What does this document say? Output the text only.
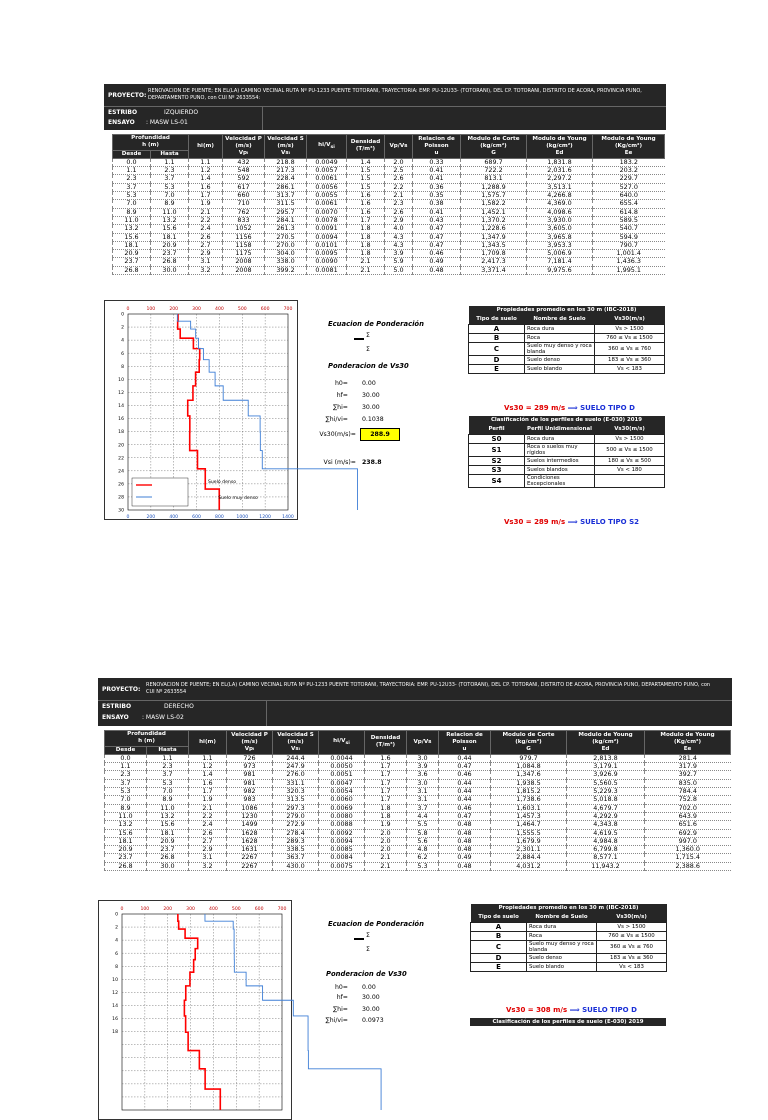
PROYECTO:
RENOVACION DE PUENTE; EN EL(LA) CAMINO VECINAL RUTA Nº PU-1233 PUENTE TOTORANI, TRAYECTORIA: EMP. PU-12U33- (TOTORANI), DEL CP. TOTORANI, DISTRITO DE ACORA, PROVINCIA PUNO, DEPARTAMENTO PUNO, con CUI Nº 2633554:
ESTRIBO	IZQUIERDO
ENSAYO : MASW LS-01
Profundidad
h (m)		hi(m)	Velocidad P
(m/s)
Vpᵢ	Velocidad S
(m/s)
Vsᵢ	$hi/V_{si}$	Densidad
(T/m³)	Vp/Vs	Relacion de
Poisson
u	Modulo de Corte
(kg/cm²)
G	Modulo de Young
(kg/cm²)
Ed	Modulo de Young
(Kg/cm²)
Ee
Desde	Hasta										
0.0	1.1	1.1	432	218.8	0.0049	1.4	2.0	0.33	689.7	1,831.8	183.2
1.1	2.3	1.2	548	217.3	0.0057	1.5	2.5	0.41	722.2	2,031.6	203.2
2.3	3.7	1.4	592	228.4	0.0061	1.5	2.6	0.41	813.1	2,297.2	229.7
3.7	5.3	1.6	617	286.1	0.0056	1.5	2.2	0.36	1,288.9	3,513.1	527.0
5.3	7.0	1.7	660	313.7	0.0055	1.6	2.1	0.35	1,575.7	4,266.8	640.0
7.0	8.9	1.9	710	311.5	0.0061	1.6	2.3	0.38	1,582.2	4,369.0	655.4
8.9	11.0	2.1	762	295.7	0.0070	1.6	2.6	0.41	1,452.1	4,098.6	614.8
11.0	13.2	2.2	833	284.1	0.0078	1.7	2.9	0.43	1,370.2	3,930.0	589.5
13.2	15.6	2.4	1052	261.3	0.0091	1.8	4.0	0.47	1,228.6	3,605.0	540.7
15.6	18.1	2.6	1156	270.5	0.0094	1.8	4.3	0.47	1,347.9	3,965.8	594.9
18.1	20.9	2.7	1158	270.0	0.0101	1.8	4.3	0.47	1,343.5	3,953.3	790.7
20.9	23.7	2.9	1175	304.0	0.0095	1.8	3.9	0.46	1,709.8	5,006.9	1,001.4
23.7	26.8	3.1	2008	338.0	0.0090	2.1	5.9	0.49	2,417.3	7,181.4	1,436.3
26.8	30.0	3.2	2008	399.2	0.0081	2.1	5.0	0.48	3,371.4	9,975.6	1,995.1
0	100	200	300	400	500	600	700
0	200	400	600	800	1000 1200 1400
0
2
4
6
8
10
12
14
16
18
20
22
24
26
28
30
Suelo denso
Suelo muy denso
Ecuacion de Ponderación
Σ
Σ
Ponderacion de Vs30
h0= 0.00
hf= 30.00
∑hi= 30.00
∑hi/vi= 0.1038
Vs30(m/s)=	288.9
Vsi (m/s)= 238.8
Propiedades promedio en los 30 m (IBC-2018)		
Tipo de suelo	Nombre de Suelo	Vs30(m/s)
A	Roca dura	Vs > 1500
B	Roca	760 ≤ Vs ≤ 1500
C	Suelo muy denso y roca blanda	360 ≤ Vs ≤ 760
D	Suelo denso	183 ≤ Vs ≤ 360
E	Suelo blando	Vs < 183
Vs30 = 289 m/s ⟹ SUELO TIPO D
Clasificación de los perfiles de suelo (E-030) 2019		
Perfil	Perfil Unidimensional	Vs30(m/s)
S0	Roca dura	Vs > 1500
S1	Roca o suelos muy rígidos	500 ≤ Vs ≤ 1500
S2	Suelos intermedios	180 ≤ Vs ≤ 500
S3	Suelos blandos	Vs < 180
S4	Condiciones Excepcionales	
Vs30 = 289 m/s ⟹ SUELO TIPO S2
PROYECTO:
RENOVACION DE PUENTE; EN EL(LA) CAMINO VECINAL RUTA Nº PU-1233 PUENTE TOTORANI, TRAYECTORIA: EMP. PU-12U33- (TOTORANI), DEL CP. TOTORANI, DISTRITO DE ACORA, PROVINCIA PUNO, DEPARTAMENTO PUNO, con CUI Nº 2633554
ESTRIBO	DERECHO
ENSAYO : MASW LS-02
Profundidad
h (m)		hi(m)	Velocidad P
(m/s)
Vpᵢ	Velocidad S
(m/s)
Vsᵢ	$hi/V_{si}$	Densidad
(T/m³)	Vp/Vs	Relacion de
Poisson
u	Modulo de Corte
(kg/cm²)
G	Modulo de Young
(kg/cm²)
Ed	Modulo de Young
(Kg/cm²)
Ee
Desde	Hasta										
0.0	1.1	1.1	726	244.4	0.0044	1.6	3.0	0.44	979.7	2,813.8	281.4
1.1	2.3	1.2	973	247.9	0.0050	1.7	3.9	0.47	1,084.8	3,179.1	317.9
2.3	3.7	1.4	981	276.0	0.0051	1.7	3.6	0.46	1,347.6	3,926.9	392.7
3.7	5.3	1.6	981	331.1	0.0047	1.7	3.0	0.44	1,938.5	5,560.5	835.0
5.3	7.0	1.7	982	320.3	0.0054	1.7	3.1	0.44	1,815.2	5,229.3	784.4
7.0	8.9	1.9	983	313.5	0.0060	1.7	3.1	0.44	1,738.6	5,018.8	752.8
8.9	11.0	2.1	1086	297.3	0.0069	1.8	3.7	0.46	1,603.1	4,679.7	702.0
11.0	13.2	2.2	1230	279.0	0.0080	1.8	4.4	0.47	1,457.3	4,292.9	643.9
13.2	15.6	2.4	1499	272.9	0.0088	1.9	5.5	0.48	1,464.7	4,343.8	651.6
15.6	18.1	2.6	1628	278.4	0.0092	2.0	5.8	0.48	1,555.5	4,619.5	692.9
18.1	20.9	2.7	1628	289.3	0.0094	2.0	5.6	0.48	1,679.9	4,984.8	997.0
20.9	23.7	2.9	1631	338.5	0.0085	2.0	4.8	0.48	2,301.1	6,799.8	1,360.0
23.7	26.8	3.1	2267	363.7	0.0084	2.1	6.2	0.49	2,884.4	8,577.1	1,715.4
26.8	30.0	3.2	2267	430.0	0.0075	2.1	5.3	0.48	4,031.2	11,943.2	2,388.6
0	100	200	300	400	500	600	700
0
2
4
6
8
10
12
14
16
18
Ecuacion de Ponderación
Σ
Σ
Ponderacion de Vs30
h0= 0.00
hf= 30.00
∑hi= 30.00
∑hi/vi= 0.0973
Propiedades promedio en los 30 m (IBC-2018)		
Tipo de suelo	Nombre de Suelo	Vs30(m/s)
A	Roca dura	Vs > 1500
B	Roca	760 ≤ Vs ≤ 1500
C	Suelo muy denso y roca blanda	360 ≤ Vs ≤ 760
D	Suelo denso	183 ≤ Vs ≤ 360
E	Suelo blando	Vs < 183
Vs30 = 308 m/s ⟹ SUELO TIPO D
Clasificación de los perfiles de suelo (E-030) 2019
